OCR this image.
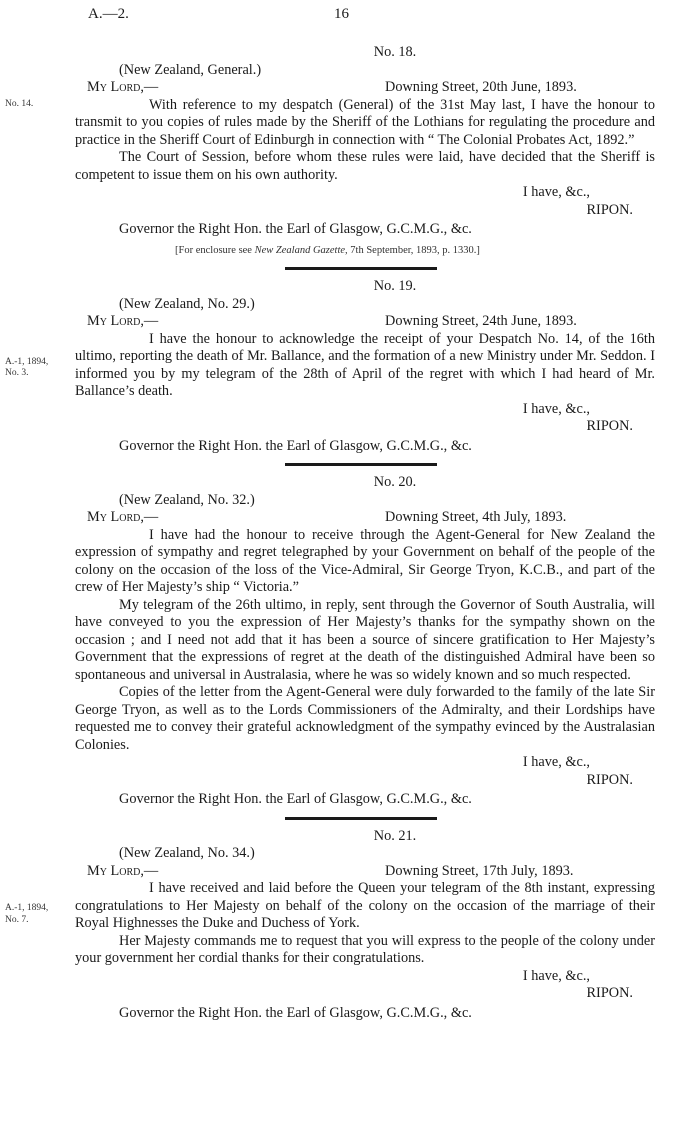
A.—2.	16
No. 14.
A.-1, 1894,
No. 3.
A.-1, 1894,
No. 7.

No. 18.

(New Zealand, General.)

My Lord,—	Downing Street, 20th June, 1893.

With reference to my despatch (General) of the 31st May last, I have the honour to transmit to you copies of rules made by the Sheriff of the Lothians for regulating the procedure and practice in the Sheriff Court of Edinburgh in connection with “ The Colonial Probates Act, 1892.”

The Court of Session, before whom these rules were laid, have decided that the Sheriff is competent to issue them on his own authority.

I have, &c.,

RIPON.

Governor the Right Hon. the Earl of Glasgow, G.C.M.G., &c.

[For enclosure see New Zealand Gazette, 7th September, 1893, p. 1330.]

No. 19.

(New Zealand, No. 29.)

My Lord,—	Downing Street, 24th June, 1893.

I have the honour to acknowledge the receipt of your Despatch No. 14, of the 16th ultimo, reporting the death of Mr. Ballance, and the formation of a new Ministry under Mr. Seddon. I informed you by my telegram of the 28th of April of the regret with which I had heard of Mr. Ballance’s death.

I have, &c.,

RIPON.

Governor the Right Hon. the Earl of Glasgow, G.C.M.G., &c.

No. 20.

(New Zealand, No. 32.)

My Lord,—	Downing Street, 4th July, 1893.

I have had the honour to receive through the Agent-General for New Zealand the expression of sympathy and regret telegraphed by your Government on behalf of the people of the colony on the occasion of the loss of the Vice-Admiral, Sir George Tryon, K.C.B., and part of the crew of Her Majesty’s ship “ Victoria.”

My telegram of the 26th ultimo, in reply, sent through the Governor of South Australia, will have conveyed to you the expression of Her Majesty’s thanks for the sympathy shown on the occasion ; and I need not add that it has been a source of sincere gratification to Her Majesty’s Government that the expressions of regret at the death of the distinguished Admiral have been so spontaneous and universal in Australasia, where he was so widely known and so much respected.

Copies of the letter from the Agent-General were duly forwarded to the family of the late Sir George Tryon, as well as to the Lords Commissioners of the Admiralty, and their Lordships have requested me to convey their grateful acknowledgment of the sympathy evinced by the Australasian Colonies.

I have, &c.,

RIPON.

Governor the Right Hon. the Earl of Glasgow, G.C.M.G., &c.

No. 21.

(New Zealand, No. 34.)

My Lord,—	Downing Street, 17th July, 1893.

I have received and laid before the Queen your telegram of the 8th instant, expressing congratulations to Her Majesty on behalf of the colony on the occasion of the marriage of their Royal Highnesses the Duke and Duchess of York.

Her Majesty commands me to request that you will express to the people of the colony under your government her cordial thanks for their congratulations.

I have, &c.,

RIPON.

Governor the Right Hon. the Earl of Glasgow, G.C.M.G., &c.
